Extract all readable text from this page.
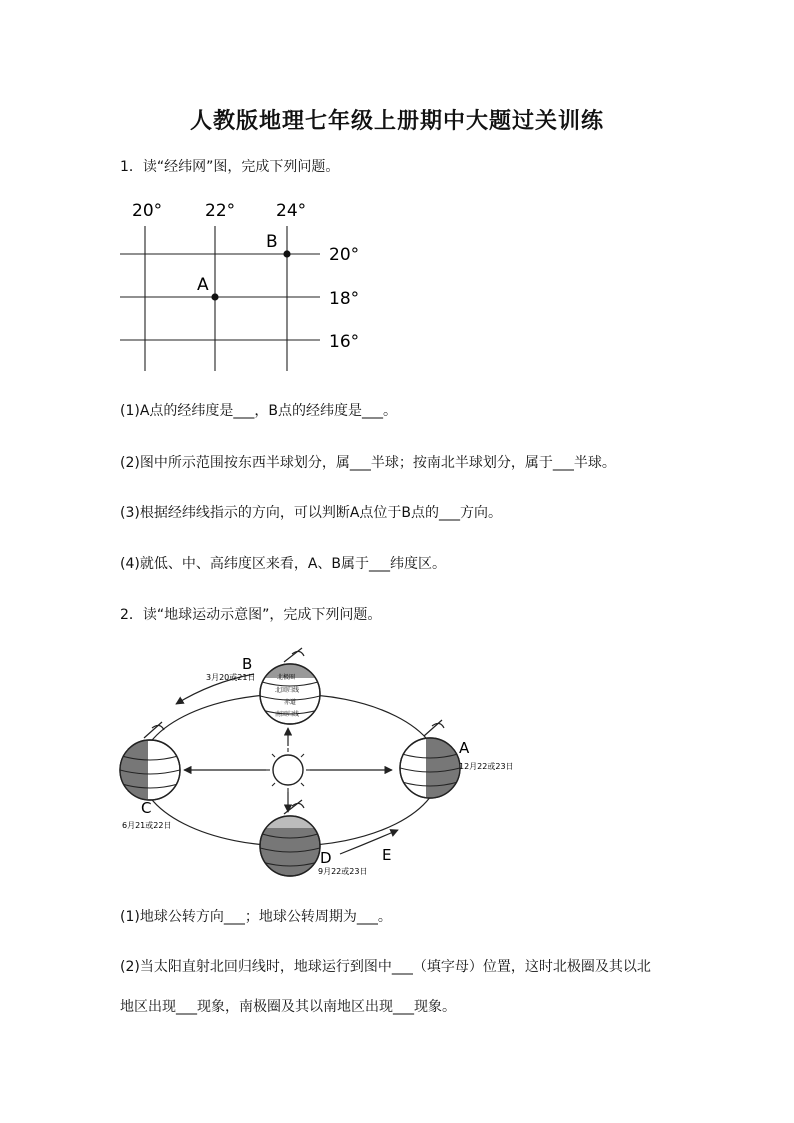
人教版地理七年级上册期中大题过关训练
1．读“经纬网”图，完成下列问题。
20°	22° 24°
20°
18°
16°
B
A
(1)A点的经纬度是___，B点的经纬度是___。
(2)图中所示范围按东西半球划分，属___半球；按南北半球划分，属于___半球。
(3)根据经纬线指示的方向，可以判断A点位于B点的___方向。
(4)就低、中、高纬度区来看，A、B属于___纬度区。
2．读“地球运动示意图”，完成下列问题。
北极圈
北回归线
赤道
南回归线
A
12月22或23日
B
3月20或21日
C
6月21或22日
D
9月22或23日
E
(1)地球公转方向___；地球公转周期为___。
(2)当太阳直射北回归线时，地球运行到图中___（填字母）位置，这时北极圈及其以北
地区出现___现象，南极圈及其以南地区出现___现象。
